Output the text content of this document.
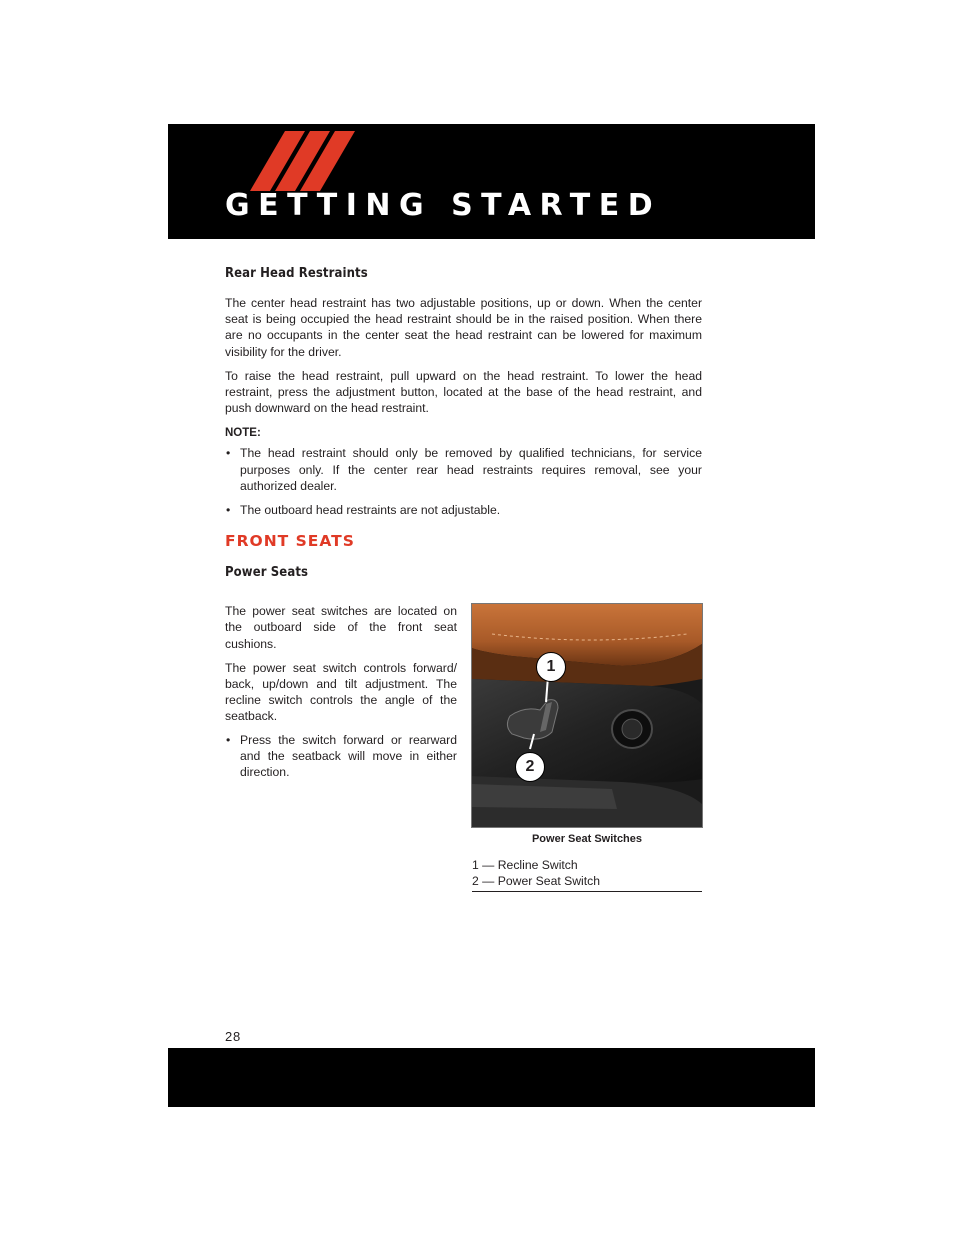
GETTING STARTED
Rear Head Restraints

The center head restraint has two adjustable positions, up or down. When the center seat is being occupied the head restraint should be in the raised position. When there are no occupants in the center seat the head restraint can be lowered for maximum visibility for the driver.

To raise the head restraint, pull upward on the head restraint. To lower the head restraint, press the adjustment button, located at the base of the head restraint, and push downward on the head restraint.

NOTE:
• The head restraint should only be removed by qualified technicians, for service purposes only. If the center rear head restraints requires removal, see your authorized dealer.
• The outboard head restraints are not adjustable.
FRONT SEATS
Power Seats

The power seat switches are located on the outboard side of the front seat cushions.

The power seat switch controls forward/ back, up/down and tilt adjustment. The recline switch controls the angle of the seatback.

• Press the switch forward or rearward and the seatback will move in either direction.
1
2
Power Seat Switches
1 — Recline Switch
2 — Power Seat Switch
28
